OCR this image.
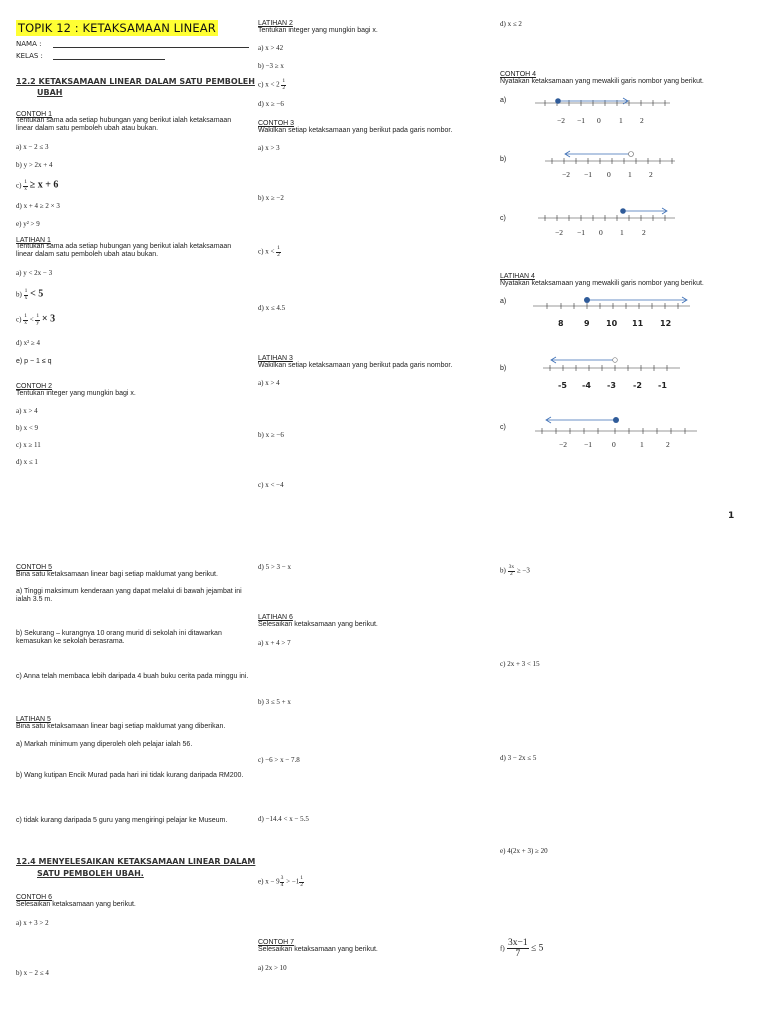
TOPIK 12 : KETAKSAMAAN LINEAR
NAMA :
KELAS :
12.2 KETAKSAMAAN LINEAR DALAM SATU PEMBOLEH
UBAH
CONTOH 1
Tentukan sama ada setiap hubungan yang berikut ialah ketaksamaan linear dalam satu pemboleh ubah atau bukan.
a) x − 2 ≤ 3
b) y > 2x + 4
$c) \frac{1}{x} \ge x + 6$
d) x + 4 ≥ 2 × 3
e) y² > 9
LATIHAN 1
Tentukan sama ada setiap hubungan yang berikut ialah ketaksamaan linear dalam satu pemboleh ubah atau bukan.
a) y < 2x − 3
$b) \frac{1}{x} < 5$
$c) \frac{1}{x} < \frac{1}{y} \times 3$
d) x² ≥ 4
e) p − 1 ≤ q
CONTOH 2
Tentukan integer yang mungkin bagi x.
a) x > 4
b) x < 9
c) x ≥ 11
d) x ≤ 1
LATIHAN 2
Tentukan integer yang mungkin bagi x.
a) x > 42
b) −3 ≥ x
c) $x < 2 \frac{1}{2}$
d) x ≥ −6
CONTOH 3
Wakilkan setiap ketaksamaan yang berikut pada garis nombor.
a) x > 3
b) x ≥ −2
c) $x < \frac{1}{2}$
d) x ≤ 4.5
LATIHAN 3
Wakilkan setiap ketaksamaan yang berikut pada garis nombor.
a) x > 4
b) x ≥ −6
c) x < −4
d) x ≤ 2
CONTOH 4
Nyatakan ketaksamaan yang mewakili garis nombor yang berikut.
a)
b)
c)
−2 −1 0 1 2
−2 −1 0 1 2
−2 −1 0 1 2
LATIHAN 4
Nyatakan ketaksamaan yang mewakili garis nombor yang berikut.
a)
b)
c)
8	9 10 11 12
-5 -4 -3 -2 -1
−2 −1	0	1	2
1
CONTOH 5
Bina satu ketaksamaan linear bagi setiap maklumat yang berikut.
a) Tinggi maksimum kenderaan yang dapat melalui di bawah jejambat ini ialah 3.5 m.
b) Sekurang – kurangnya 10 orang murid di sekolah ini ditawarkan kemasukan ke sekolah berasrama.
c) Anna telah membaca lebih daripada 4 buah buku cerita pada minggu ini.
LATIHAN 5
Bina satu ketaksamaan linear bagi setiap maklumat yang diberikan.
a) Markah minimum yang diperoleh oleh pelajar ialah 56.
b) Wang kutipan Encik Murad pada hari ini tidak kurang daripada RM200.
c) tidak kurang daripada 5 guru yang mengiringi pelajar ke Museum.
12.4 MENYELESAIKAN KETAKSAMAAN LINEAR DALAM
SATU PEMBOLEH UBAH.
CONTOH 6
Selesaikan ketaksamaan yang berikut.
a) x + 3 > 2
b) x − 2 ≤ 4
d) 5 > 3 − x
LATIHAN 6
Selesaikan ketaksamaan yang berikut.
a) x + 4 > 7
b) 3 ≤ 5 + x
c) −6 > x − 7.8
d) −14.4 < x − 5.5
e) $x - 9 \frac{3}{4} > -1 \frac{1}{2}$
CONTOH 7
Selesaikan ketaksamaan yang berikut.
a) 2x > 10
$b) \frac{3x}{2} \ge -3$
c) 2x + 3 < 15
d) 3 − 2x ≤ 5
e) 4(2x + 3) ≥ 20
$f) \frac{3x-1}{7} \le 5$
